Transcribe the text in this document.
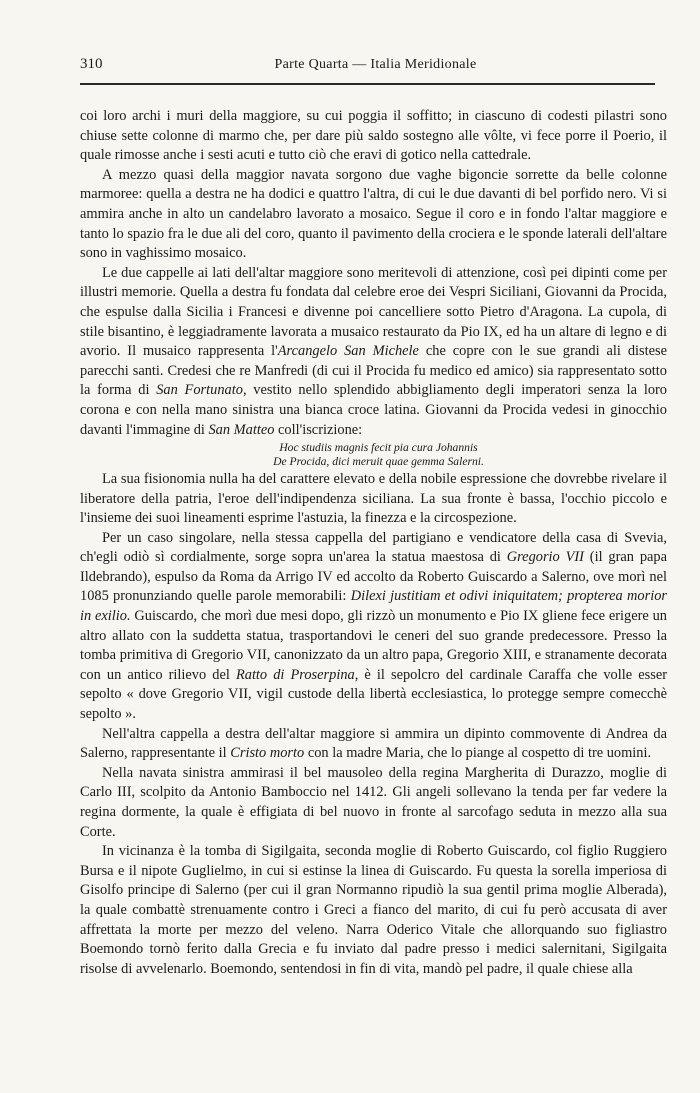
310	Parte Quarta — Italia Meridionale

coi loro archi i muri della maggiore, su cui poggia il soffitto; in ciascuno di codesti pilastri sono chiuse sette colonne di marmo che, per dare più saldo sostegno alle vôlte, vi fece porre il Poerio, il quale rimosse anche i sesti acuti e tutto ciò che eravi di gotico nella cattedrale.

A mezzo quasi della maggior navata sorgono due vaghe bigoncie sorrette da belle colonne marmoree: quella a destra ne ha dodici e quattro l'altra, di cui le due davanti di bel porfido nero. Vi si ammira anche in alto un candelabro lavorato a mosaico. Segue il coro e in fondo l'altar maggiore e tanto lo spazio fra le due ali del coro, quanto il pavimento della crociera e le sponde laterali dell'altare sono in vaghissimo mosaico.

Le due cappelle ai lati dell'altar maggiore sono meritevoli di attenzione, così pei dipinti come per illustri memorie. Quella a destra fu fondata dal celebre eroe dei Vespri Siciliani, Giovanni da Procida, che espulse dalla Sicilia i Francesi e divenne poi cancelliere sotto Pietro d'Aragona. La cupola, di stile bisantino, è leggiadramente lavorata a musaico restaurato da Pio IX, ed ha un altare di legno e di avorio. Il musaico rappresenta l'Arcangelo San Michele che copre con le sue grandi ali distese parecchi santi. Credesi che re Manfredi (di cui il Procida fu medico ed amico) sia rappresentato sotto la forma di San Fortunato, vestito nello splendido abbigliamento degli imperatori senza la loro corona e con nella mano sinistra una bianca croce latina. Giovanni da Procida vedesi in ginocchio davanti l'immagine di San Matteo coll'iscrizione:

Hoc studiis magnis fecit pia cura Johannis
De Procida, dici meruit quae gemma Salerni.

La sua fisionomia nulla ha del carattere elevato e della nobile espressione che dovrebbe rivelare il liberatore della patria, l'eroe dell'indipendenza siciliana. La sua fronte è bassa, l'occhio piccolo e l'insieme dei suoi lineamenti esprime l'astuzia, la finezza e la circospezione.

Per un caso singolare, nella stessa cappella del partigiano e vendicatore della casa di Svevia, ch'egli odiò sì cordialmente, sorge sopra un'area la statua maestosa di Gregorio VII (il gran papa Ildebrando), espulso da Roma da Arrigo IV ed accolto da Roberto Guiscardo a Salerno, ove morì nel 1085 pronunziando quelle parole memorabili: Dilexi justitiam et odivi iniquitatem; propterea morior in exilio. Guiscardo, che morì due mesi dopo, gli rizzò un monumento e Pio IX gliene fece erigere un altro allato con la suddetta statua, trasportandovi le ceneri del suo grande predecessore. Presso la tomba primitiva di Gregorio VII, canonizzato da un altro papa, Gregorio XIII, e stranamente decorata con un antico rilievo del Ratto di Proserpina, è il sepolcro del cardinale Caraffa che volle esser sepolto « dove Gregorio VII, vigil custode della libertà ecclesiastica, lo protegge sempre comecchè sepolto ».

Nell'altra cappella a destra dell'altar maggiore si ammira un dipinto commovente di Andrea da Salerno, rappresentante il Cristo morto con la madre Maria, che lo piange al cospetto di tre uomini.

Nella navata sinistra ammirasi il bel mausoleo della regina Margherita di Durazzo, moglie di Carlo III, scolpito da Antonio Bamboccio nel 1412. Gli angeli sollevano la tenda per far vedere la regina dormente, la quale è effigiata di bel nuovo in fronte al sarcofago seduta in mezzo alla sua Corte.

In vicinanza è la tomba di Sigilgaita, seconda moglie di Roberto Guiscardo, col figlio Ruggiero Bursa e il nipote Guglielmo, in cui si estinse la linea di Guiscardo. Fu questa la sorella imperiosa di Gisolfo principe di Salerno (per cui il gran Normanno ripudiò la sua gentil prima moglie Alberada), la quale combattè strenuamente contro i Greci a fianco del marito, di cui fu però accusata di aver affrettata la morte per mezzo del veleno. Narra Oderico Vitale che allorquando suo figliastro Boemondo tornò ferito dalla Grecia e fu inviato dal padre presso i medici salernitani, Sigilgaita risolse di avvelenarlo. Boemondo, sentendosi in fin di vita, mandò pel padre, il quale chiese alla
